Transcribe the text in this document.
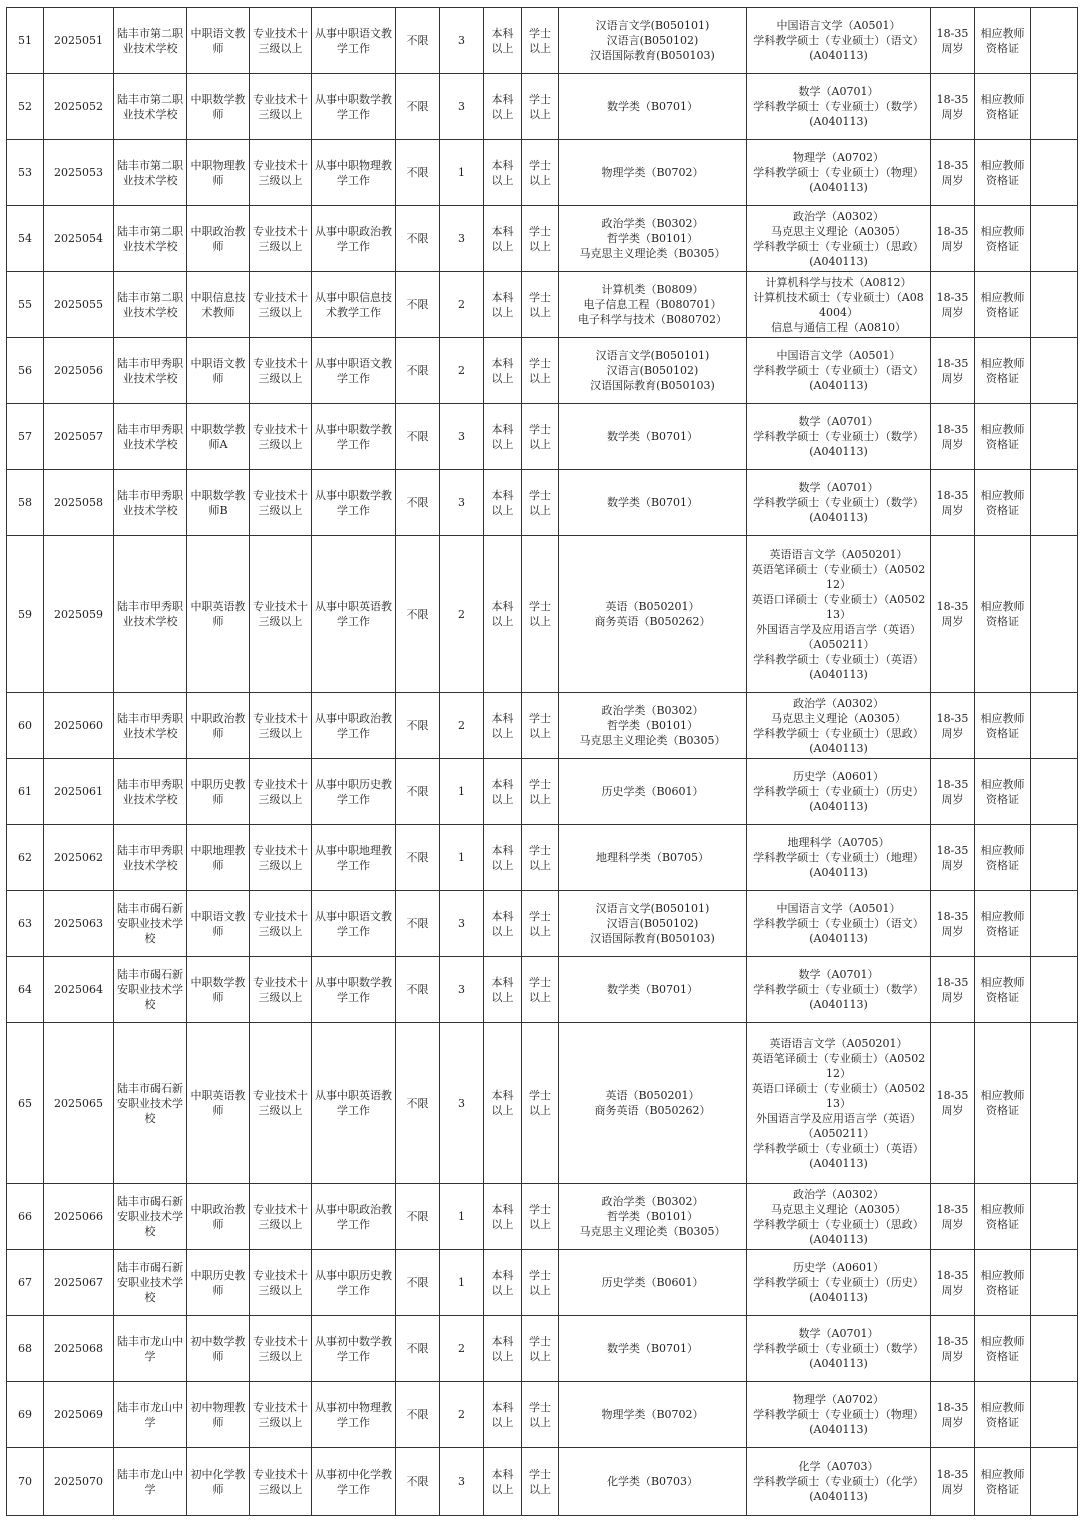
51	2025051	陆丰市第二职业技术学校	中职语文教师	专业技术十三级以上	从事中职语文教学工作	不限	3	本科以上	学士以上	汉语言文学(B050101)
汉语言(B050102)
汉语国际教育(B050103)	中国语言文学（A0501）
学科教学硕士（专业硕士）（语文）(A040113)	18-35周岁	相应教师资格证	
52	2025052	陆丰市第二职业技术学校	中职数学教师	专业技术十三级以上	从事中职数学教学工作	不限	3	本科以上	学士以上	数学类（B0701）	数学（A0701）
学科教学硕士（专业硕士）（数学）(A040113)	18-35周岁	相应教师资格证	
53	2025053	陆丰市第二职业技术学校	中职物理教师	专业技术十三级以上	从事中职物理教学工作	不限	1	本科以上	学士以上	物理学类（B0702）	物理学（A0702）
学科教学硕士（专业硕士）（物理）(A040113)	18-35周岁	相应教师资格证	
54	2025054	陆丰市第二职业技术学校	中职政治教师	专业技术十三级以上	从事中职政治教学工作	不限	3	本科以上	学士以上	政治学类（B0302）
哲学类（B0101）
马克思主义理论类（B0305）	政治学（A0302）
马克思主义理论（A0305）
学科教学硕士（专业硕士）（思政）(A040113)	18-35周岁	相应教师资格证	
55	2025055	陆丰市第二职业技术学校	中职信息技术教师	专业技术十三级以上	从事中职信息技术教学工作	不限	2	本科以上	学士以上	计算机类（B0809）
电子信息工程（B080701）
电子科学与技术（B080702）	计算机科学与技术（A0812）
计算机技术硕士（专业硕士）（A084004）
信息与通信工程（A0810）	18-35周岁	相应教师资格证	
56	2025056	陆丰市甲秀职业技术学校	中职语文教师	专业技术十三级以上	从事中职语文教学工作	不限	2	本科以上	学士以上	汉语言文学(B050101)
汉语言(B050102)
汉语国际教育(B050103)	中国语言文学（A0501）
学科教学硕士（专业硕士）（语文）(A040113)	18-35周岁	相应教师资格证	
57	2025057	陆丰市甲秀职业技术学校	中职数学教师A	专业技术十三级以上	从事中职数学教学工作	不限	3	本科以上	学士以上	数学类（B0701）	数学（A0701）
学科教学硕士（专业硕士）（数学）(A040113)	18-35周岁	相应教师资格证	
58	2025058	陆丰市甲秀职业技术学校	中职数学教师B	专业技术十三级以上	从事中职数学教学工作	不限	3	本科以上	学士以上	数学类（B0701）	数学（A0701）
学科教学硕士（专业硕士）（数学）(A040113)	18-35周岁	相应教师资格证	
59	2025059	陆丰市甲秀职业技术学校	中职英语教师	专业技术十三级以上	从事中职英语教学工作	不限	2	本科以上	学士以上	英语（B050201）
商务英语（B050262）	英语语言文学（A050201）
英语笔译硕士（专业硕士）（A050212）
英语口译硕士（专业硕士）（A050213）
外国语言学及应用语言学（英语）（A050211）
学科教学硕士（专业硕士）（英语）(A040113)	18-35周岁	相应教师资格证	
60	2025060	陆丰市甲秀职业技术学校	中职政治教师	专业技术十三级以上	从事中职政治教学工作	不限	2	本科以上	学士以上	政治学类（B0302）
哲学类（B0101）
马克思主义理论类（B0305）	政治学（A0302）
马克思主义理论（A0305）
学科教学硕士（专业硕士）（思政）(A040113)	18-35周岁	相应教师资格证	
61	2025061	陆丰市甲秀职业技术学校	中职历史教师	专业技术十三级以上	从事中职历史教学工作	不限	1	本科以上	学士以上	历史学类（B0601）	历史学（A0601）
学科教学硕士（专业硕士）（历史）(A040113)	18-35周岁	相应教师资格证	
62	2025062	陆丰市甲秀职业技术学校	中职地理教师	专业技术十三级以上	从事中职地理教学工作	不限	1	本科以上	学士以上	地理科学类（B0705）	地理科学（A0705）
学科教学硕士（专业硕士）（地理）(A040113)	18-35周岁	相应教师资格证	
63	2025063	陆丰市碣石新安职业技术学校	中职语文教师	专业技术十三级以上	从事中职语文教学工作	不限	3	本科以上	学士以上	汉语言文学(B050101)
汉语言(B050102)
汉语国际教育(B050103)	中国语言文学（A0501）
学科教学硕士（专业硕士）（语文）(A040113)	18-35周岁	相应教师资格证	
64	2025064	陆丰市碣石新安职业技术学校	中职数学教师	专业技术十三级以上	从事中职数学教学工作	不限	3	本科以上	学士以上	数学类（B0701）	数学（A0701）
学科教学硕士（专业硕士）（数学）(A040113)	18-35周岁	相应教师资格证	
65	2025065	陆丰市碣石新安职业技术学校	中职英语教师	专业技术十三级以上	从事中职英语教学工作	不限	3	本科以上	学士以上	英语（B050201）
商务英语（B050262）	英语语言文学（A050201）
英语笔译硕士（专业硕士）（A050212）
英语口译硕士（专业硕士）（A050213）
外国语言学及应用语言学（英语）（A050211）
学科教学硕士（专业硕士）（英语）(A040113)	18-35周岁	相应教师资格证	
66	2025066	陆丰市碣石新安职业技术学校	中职政治教师	专业技术十三级以上	从事中职政治教学工作	不限	1	本科以上	学士以上	政治学类（B0302）
哲学类（B0101）
马克思主义理论类（B0305）	政治学（A0302）
马克思主义理论（A0305）
学科教学硕士（专业硕士）（思政）(A040113)	18-35周岁	相应教师资格证	
67	2025067	陆丰市碣石新安职业技术学校	中职历史教师	专业技术十三级以上	从事中职历史教学工作	不限	1	本科以上	学士以上	历史学类（B0601）	历史学（A0601）
学科教学硕士（专业硕士）（历史）(A040113)	18-35周岁	相应教师资格证	
68	2025068	陆丰市龙山中学	初中数学教师	专业技术十三级以上	从事初中数学教学工作	不限	2	本科以上	学士以上	数学类（B0701）	数学（A0701）
学科教学硕士（专业硕士）（数学）(A040113)	18-35周岁	相应教师资格证	
69	2025069	陆丰市龙山中学	初中物理教师	专业技术十三级以上	从事初中物理教学工作	不限	2	本科以上	学士以上	物理学类（B0702）	物理学（A0702）
学科教学硕士（专业硕士）（物理）(A040113)	18-35周岁	相应教师资格证	
70	2025070	陆丰市龙山中学	初中化学教师	专业技术十三级以上	从事初中化学教学工作	不限	3	本科以上	学士以上	化学类（B0703）	化学（A0703）
学科教学硕士（专业硕士）（化学）(A040113)	18-35周岁	相应教师资格证	
